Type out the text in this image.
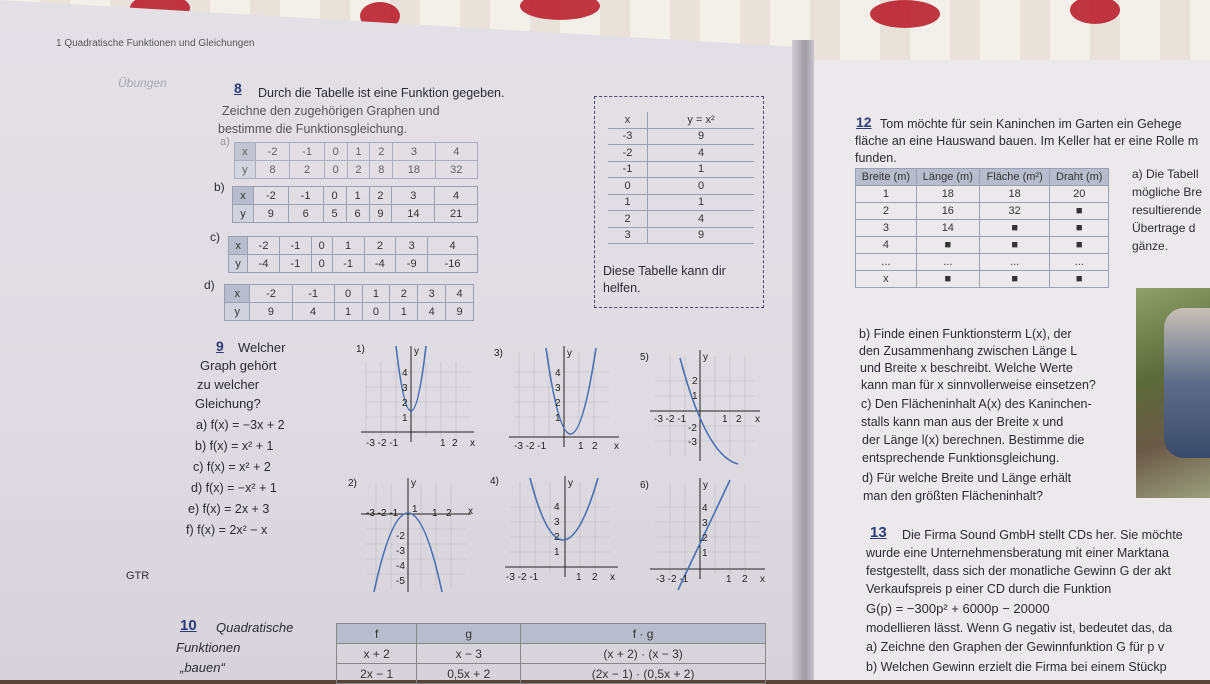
1 Quadratische Funktionen und Gleichungen
Übungen	8 Durch die Tabelle ist eine Funktion gegeben.
Zeichne den zugehörigen Graphen und
bestimme die Funktionsgleichung.
a)
x	-2	-1	0	1	2	3	4
y	8	2	0	2	8	18	32
b)
x	-2	-1	0	1	2	3	4
y	9	6	5	6	9	14	21
c)
x	-2	-1	0	1	2	3	4
y	-4	-1	0	-1	-4	-9	-16
d)
x	-2	-1	0	1	2	3	4
y	9	4	1	0	1	4	9
x	y = x²
-3	9
-2	4
-1	1
0	0
1	1
2	4
3	9
Diese Tabelle kann dir
helfen.
9 Welcher
Graph gehört
zu welcher
Gleichung?
a) f(x) = −3x + 2
b) f(x) = x² + 1
c) f(x) = x² + 2
d) f(x) = −x² + 1
e) f(x) = 2x + 3
f) f(x) = 2x² − x
1)	y
4
3
2
1
-3 -2 -1	1 2 x
3)	y
4
3
2
1
-3 -2 -1	1 2 x
5)	y
2
1
-3
-2
-3 -2 -1	1 2 x
2)	y
-3 -2 -1 1 1 2 x
-2
-3
-4
-5
4)	y
4
3
2
1
-3 -2 -1	1 2 x
6)	y
4
3
2
1
-3 -2 -1	1 2 x
GTR
10 Quadratische
Funktionen
„bauen“
f	g	f · g
x + 2	x − 3	(x + 2) · (x − 3)
2x − 1	0,5x + 2	(2x − 1) · (0,5x + 2)
12 Tom möchte für sein Kaninchen im Garten ein Gehege
fläche an eine Hauswand bauen. Im Keller hat er eine Rolle m
funden.
Breite (m)	Länge (m)	Fläche (m²)	Draht (m)
1	18	18	20
2	16	32	■
3	14	■	■
4	■	■	■
...	...	...	...
x	■	■	■
a) Die Tabell
mögliche Bre
resultierende
Übertrage d
gänze.
b) Finde einen Funktionsterm L(x), der
den Zusammenhang zwischen Länge L
und Breite x beschreibt. Welche Werte
kann man für x sinnvollerweise einsetzen?
c) Den Flächeninhalt A(x) des Kaninchen-
stalls kann man aus der Breite x und
der Länge l(x) berechnen. Bestimme die
entsprechende Funktionsgleichung.
d) Für welche Breite und Länge erhält
man den größten Flächeninhalt?
13 Die Firma Sound GmbH stellt CDs her. Sie möchte
wurde eine Unternehmensberatung mit einer Marktana
festgestellt, dass sich der monatliche Gewinn G der akt
Verkaufspreis p einer CD durch die Funktion
G(p) = −300p² + 6000p − 20000
modellieren lässt. Wenn G negativ ist, bedeutet das, da
a) Zeichne den Graphen der Gewinnfunktion G für p v
b) Welchen Gewinn erzielt die Firma bei einem Stückp
